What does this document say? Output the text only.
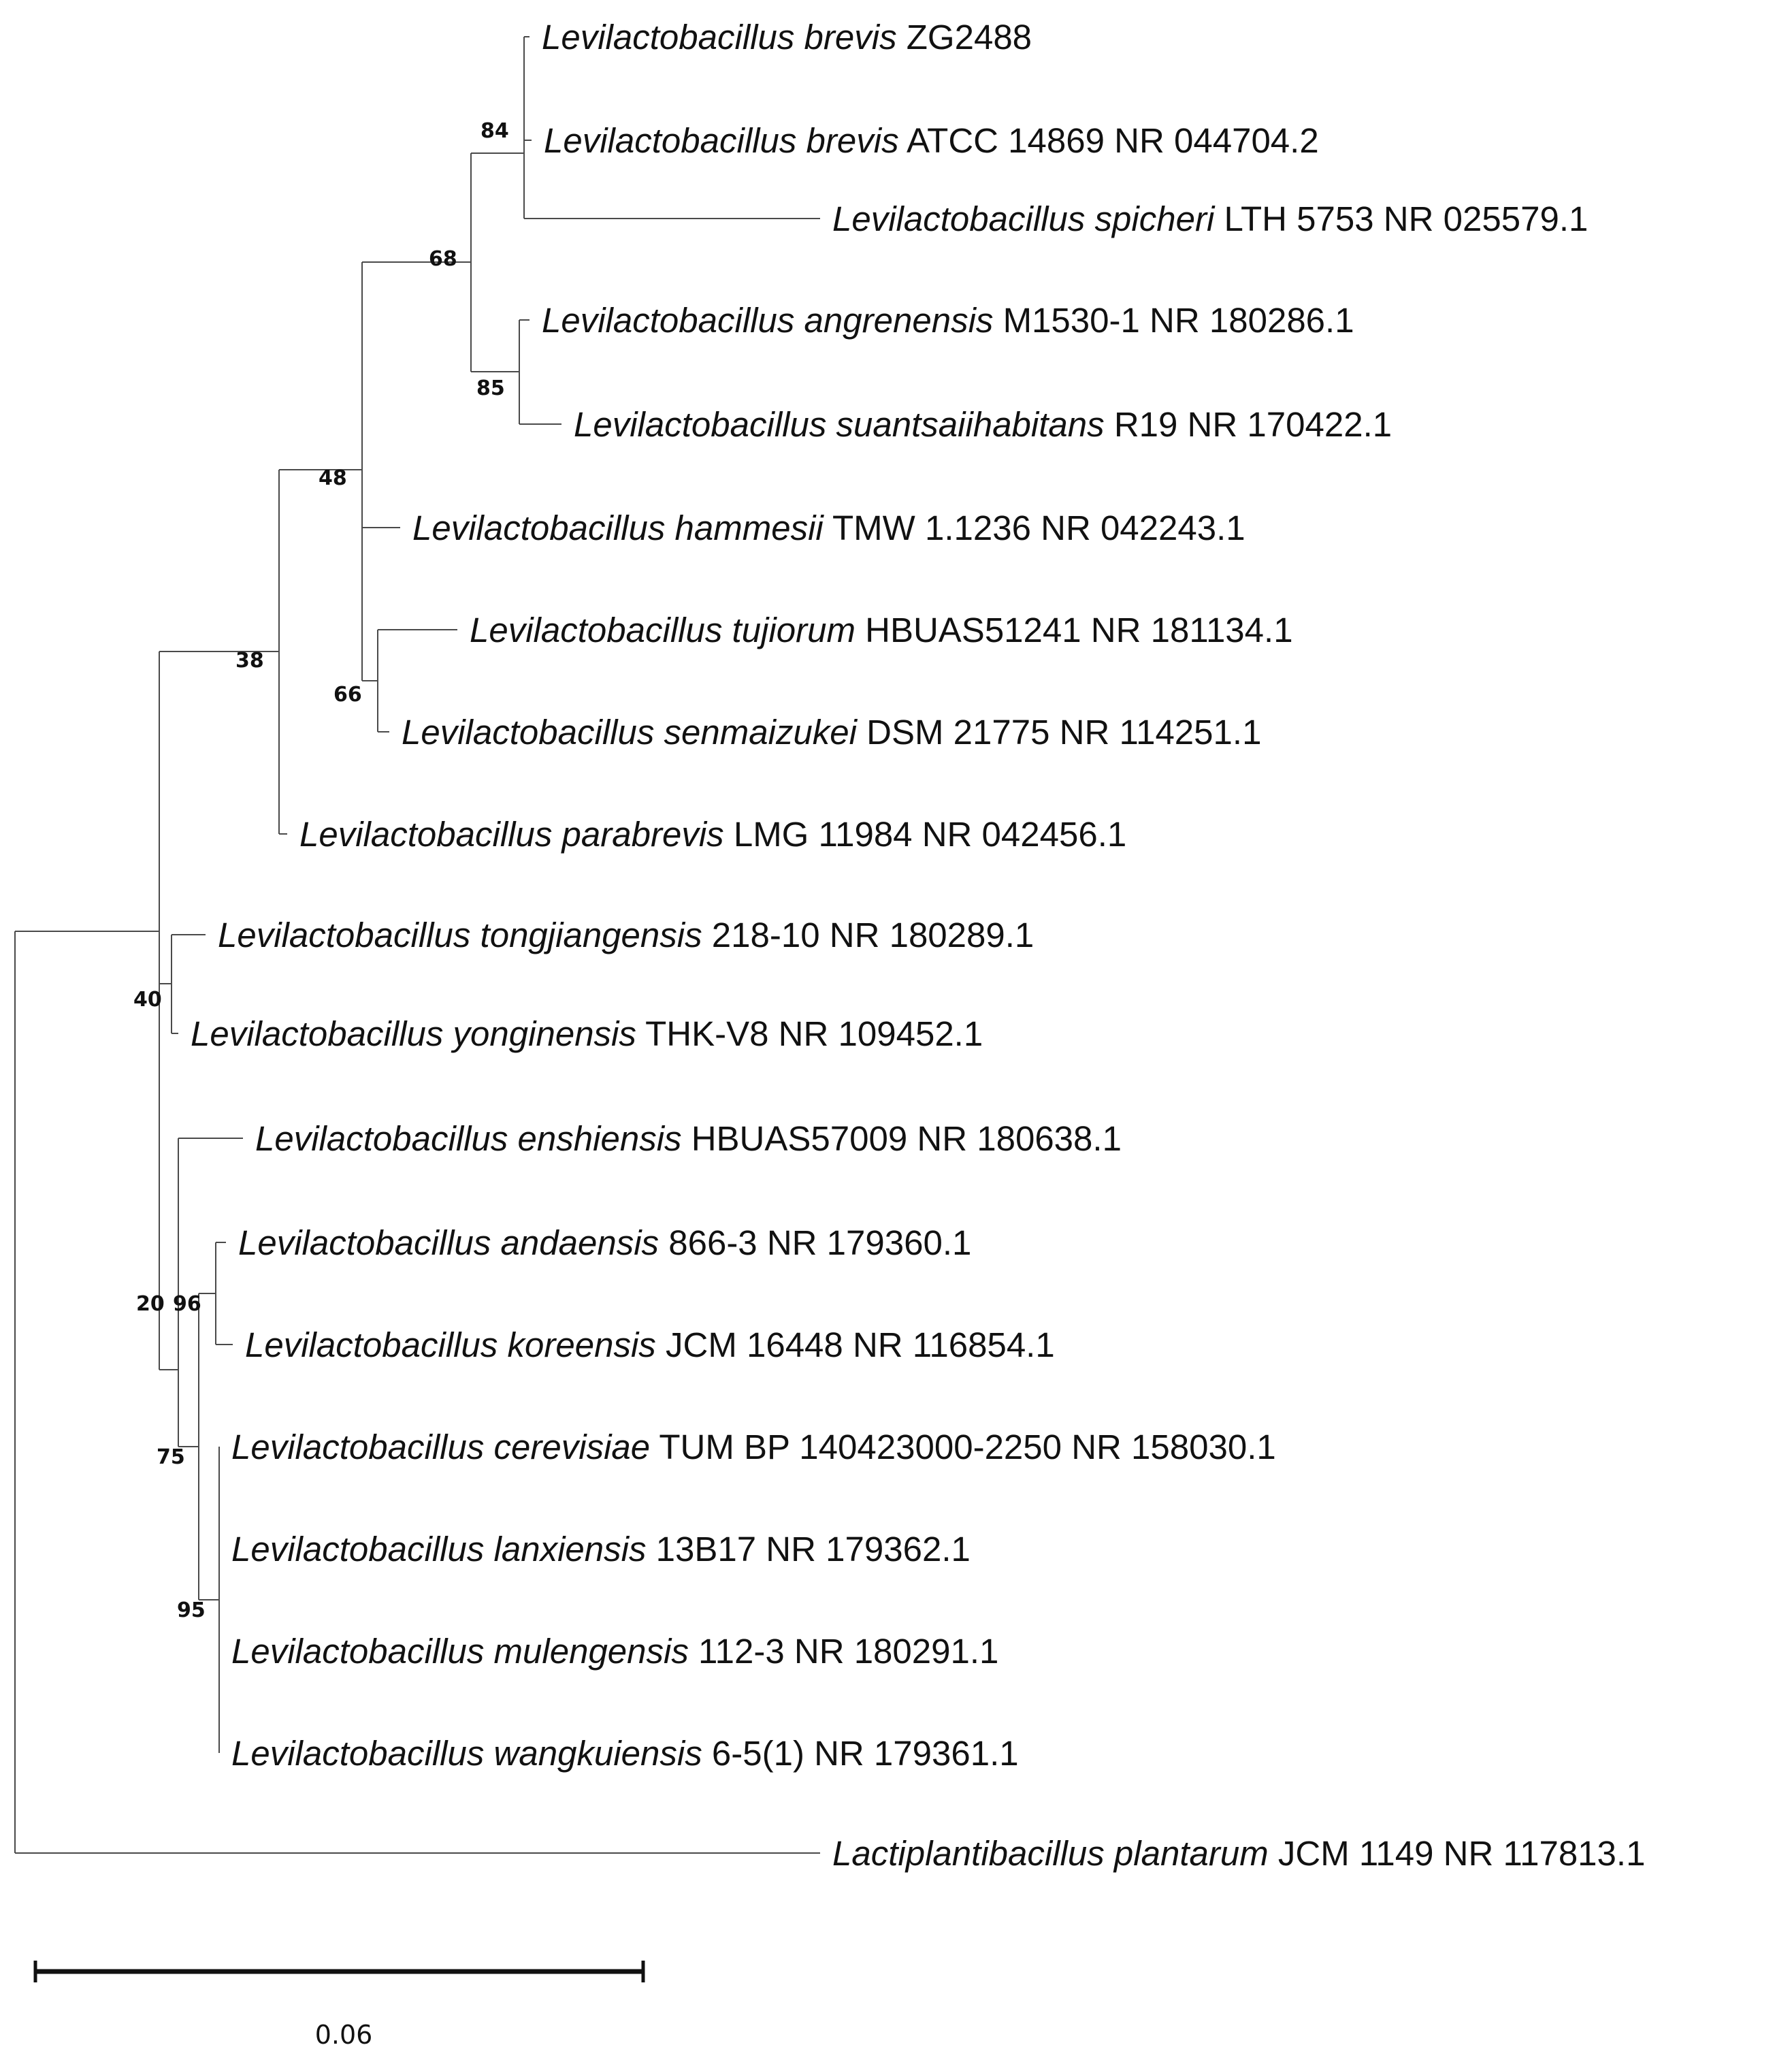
Levilactobacillus brevis ZG2488
Levilactobacillus brevis ATCC 14869 NR 044704.2
Levilactobacillus spicheri LTH 5753 NR 025579.1
Levilactobacillus angrenensis M1530-1 NR 180286.1
Levilactobacillus suantsaiihabitans R19 NR 170422.1
Levilactobacillus hammesii TMW 1.1236 NR 042243.1
Levilactobacillus tujiorum HBUAS51241 NR 181134.1
Levilactobacillus senmaizukei DSM 21775 NR 114251.1
Levilactobacillus parabrevis LMG 11984 NR 042456.1
Levilactobacillus tongjiangensis 218-10 NR 180289.1
Levilactobacillus yonginensis THK-V8 NR 109452.1
Levilactobacillus enshiensis HBUAS57009 NR 180638.1
Levilactobacillus andaensis 866-3 NR 179360.1
Levilactobacillus koreensis JCM 16448 NR 116854.1
Levilactobacillus cerevisiae TUM BP 140423000-2250 NR 158030.1
Levilactobacillus lanxiensis 13B17 NR 179362.1
Levilactobacillus mulengensis 112-3 NR 180291.1
Levilactobacillus wangkuiensis 6-5(1) NR 179361.1
Lactiplantibacillus plantarum JCM 1149 NR 117813.1
84
68
85
48
66
38
40
20 96
75
95
0.06
